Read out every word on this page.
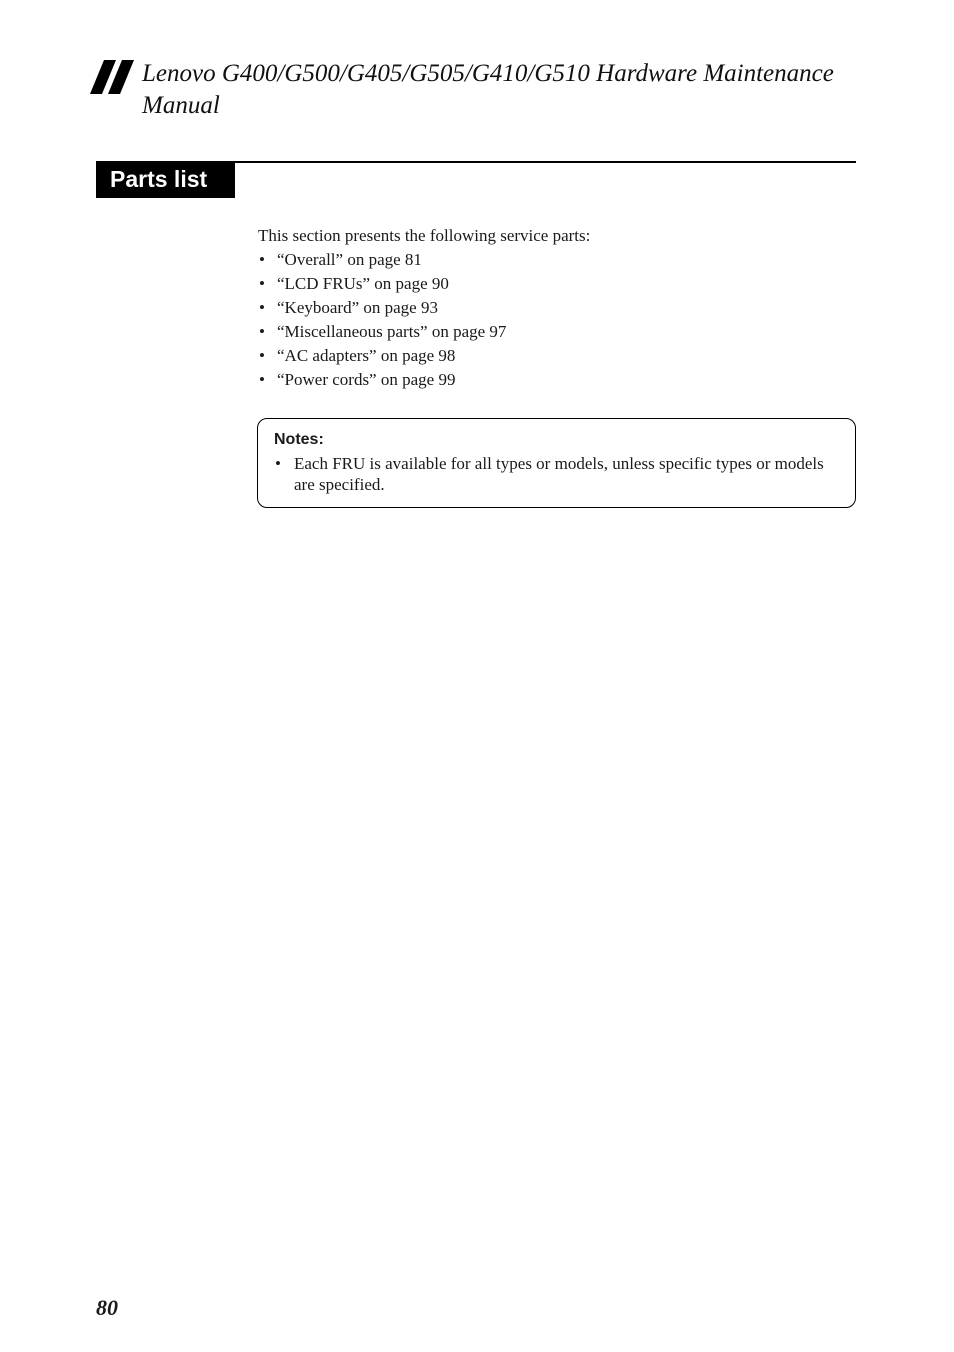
Lenovo G400/G500/G405/G505/G410/G510 Hardware Maintenance Manual
Parts list
This section presents the following service parts:
• “Overall” on page 81
• “LCD FRUs” on page 90
• “Keyboard” on page 93
• “Miscellaneous parts” on page 97
• “AC adapters” on page 98
• “Power cords” on page 99
Notes:
• Each FRU is available for all types or models, unless specific types or models are specified.
80
